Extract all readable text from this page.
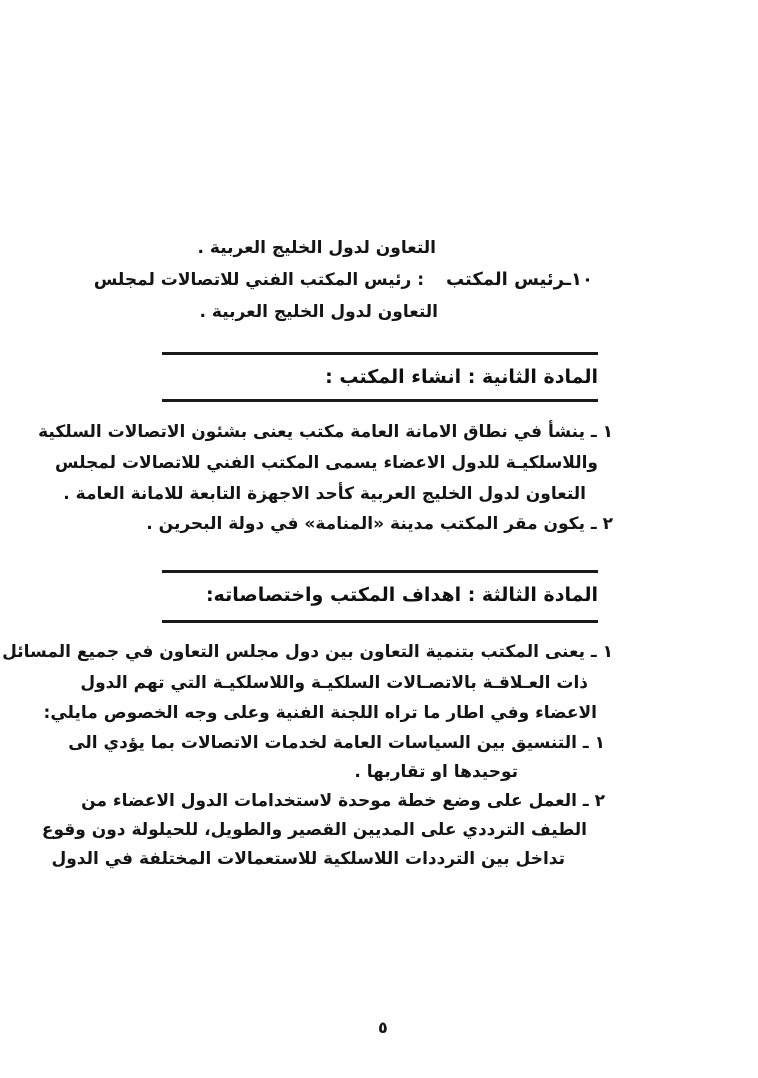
التعاون لدول الخليج العربية .
١٠ـرئيس المكتب
: رئيس المكتب الفني للاتصالات لمجلس
التعاون لدول الخليج العربية .
المادة الثانية : انشاء المكتب :
١ ـ ينشأ في نطاق الامانة العامة مكتب يعنى بشئون الاتصالات السلكية
واللاسلكيـة للدول الاعضاء يسمى المكتب الفني للاتصالات لمجلس
التعاون لدول الخليج العربية كأحد الاجهزة التابعة للامانة العامة .
٢ ـ يكون مقر المكتب مدينة «المنامة» في دولة البحرين .
المادة الثالثة : اهداف المكتب واختصاصاته:
١ ـ يعنى المكتب بتنمية التعاون بين دول مجلس التعاون في جميع المسائل
ذات العـلاقـة بالاتصـالات السلكيـة واللاسلكيـة التي تهم الدول
الاعضاء وفي اطار ما تراه اللجنة الفنية وعلى وجه الخصوص مايلي:
١ ـ التنسيق بين السياسات العامة لخدمات الاتصالات بما يؤدي الى
توحيدها او تقاربها .
٢ ـ العمل على وضع خطة موحدة لاستخدامات الدول الاعضاء من
الطيف الترددي على المديين القصير والطويل، للحيلولة دون وقوع
تداخل بين الترددات اللاسلكية للاستعمالات المختلفة في الدول
٥
